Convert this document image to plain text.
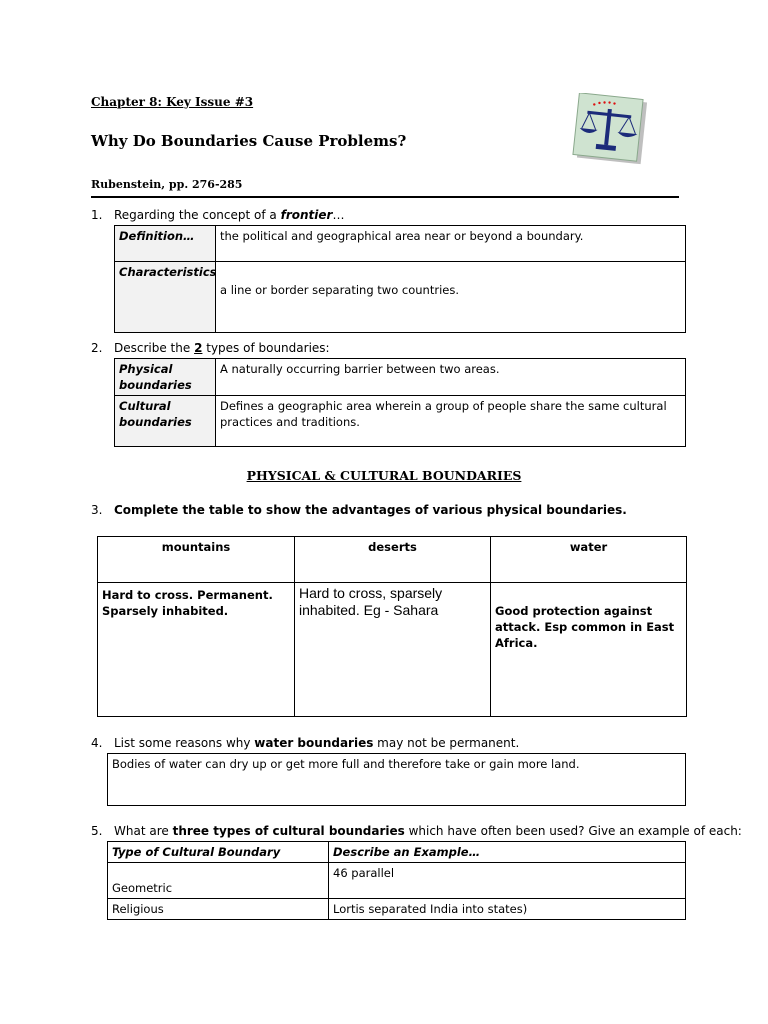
Chapter 8: Key Issue #3
Why Do Boundaries Cause Problems?
Rubenstein, pp. 276-285
1. Regarding the concept of a frontier…
Definition…	the political and geographical area near or beyond a boundary.
Characteristics	a line or border separating two countries.
2. Describe the 2 types of boundaries:
Physical boundaries	A naturally occurring barrier between two areas.
Cultural boundaries	Defines a geographic area wherein a group of people share the same cultural practices and traditions.
PHYSICAL & CULTURAL BOUNDARIES
3. Complete the table to show the advantages of various physical boundaries.
mountains	deserts	water

Hard to cross. Permanent. Sparsely inhabited.	Hard to cross, sparsely inhabited. Eg - Sahara	Good protection against attack. Esp common in East Africa.
4. List some reasons why water boundaries may not be permanent.
Bodies of water can dry up or get more full and therefore take or gain more land.
5. What are three types of cultural boundaries which have often been used? Give an example of each:
Type of Cultural Boundary	Describe an Example…
Geometric	46 parallel
Religious	Lortis separated India into states)
